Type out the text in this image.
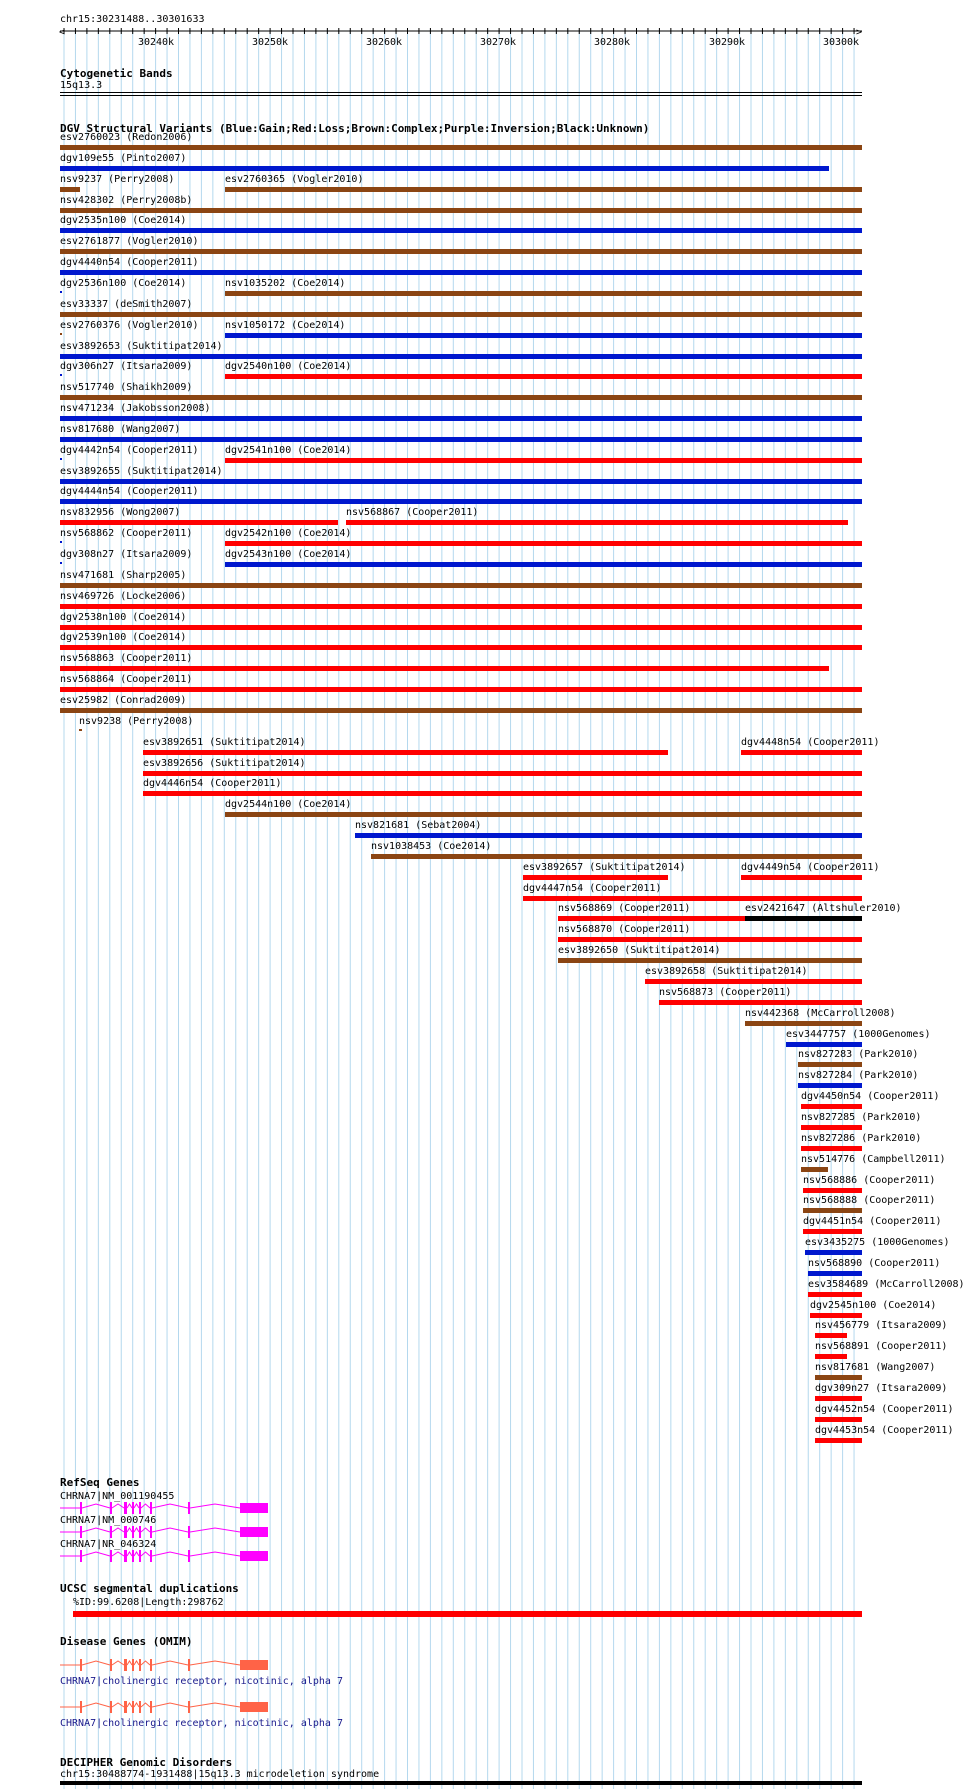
chr15:30231488..30301633
<	>
30240k	30250k	30260k	30270k	30280k	30290k	30300k
Cytogenetic Bands
15q13.3
DGV Structural Variants (Blue:Gain;Red:Loss;Brown:Complex;Purple:Inversion;Black:Unknown)
RefSeq Genes
UCSC segmental duplications
%ID:99.6208|Length:298762
Disease Genes (OMIM)
DECIPHER Genomic Disorders
chr15:30488774-1931488|15q13.3 microdeletion syndrome
esv2760023 (Redon2006)
dgv109e55 (Pinto2007)
nsv9237 (Perry2008)	esv2760365 (Vogler2010)
nsv428302 (Perry2008b)
dgv2535n100 (Coe2014)
esv2761877 (Vogler2010)
dgv4440n54 (Cooper2011)
dgv2536n100 (Coe2014)	nsv1035202 (Coe2014)
esv33337 (deSmith2007)
esv2760376 (Vogler2010)	nsv1050172 (Coe2014)
esv3892653 (Suktitipat2014)
dgv306n27 (Itsara2009)	dgv2540n100 (Coe2014)
nsv517740 (Shaikh2009)
nsv471234 (Jakobsson2008)
nsv817680 (Wang2007)
dgv4442n54 (Cooper2011)	dgv2541n100 (Coe2014)
esv3892655 (Suktitipat2014)
dgv4444n54 (Cooper2011)
nsv832956 (Wong2007)	nsv568867 (Cooper2011)
nsv568862 (Cooper2011)	dgv2542n100 (Coe2014)
dgv308n27 (Itsara2009)	dgv2543n100 (Coe2014)
nsv471681 (Sharp2005)
nsv469726 (Locke2006)
dgv2538n100 (Coe2014)
dgv2539n100 (Coe2014)
nsv568863 (Cooper2011)
nsv568864 (Cooper2011)
esv25982 (Conrad2009)
nsv9238 (Perry2008)
esv3892651 (Suktitipat2014)	dgv4448n54 (Cooper2011)
esv3892656 (Suktitipat2014)
dgv4446n54 (Cooper2011)
dgv2544n100 (Coe2014)
nsv821681 (Sebat2004)
nsv1038453 (Coe2014)
esv3892657 (Suktitipat2014)	dgv4449n54 (Cooper2011)
dgv4447n54 (Cooper2011)
nsv568869 (Cooper2011)	esv2421647 (Altshuler2010)
nsv568870 (Cooper2011)
esv3892650 (Suktitipat2014)
esv3892658 (Suktitipat2014)
nsv568873 (Cooper2011)
nsv442368 (McCarroll2008)
esv3447757 (1000Genomes)
nsv827283 (Park2010)
nsv827284 (Park2010)
dgv4450n54 (Cooper2011)
nsv827285 (Park2010)
nsv827286 (Park2010)
nsv514776 (Campbell2011)
nsv568886 (Cooper2011)
nsv568888 (Cooper2011)
dgv4451n54 (Cooper2011)
esv3435275 (1000Genomes)
nsv568890 (Cooper2011)
esv3584689 (McCarroll2008)
dgv2545n100 (Coe2014)
nsv456779 (Itsara2009)
nsv568891 (Cooper2011)
nsv817681 (Wang2007)
dgv309n27 (Itsara2009)
dgv4452n54 (Cooper2011)
dgv4453n54 (Cooper2011)
CHRNA7|NM_001190455
CHRNA7|NM_000746
CHRNA7|NR_046324
CHRNA7|cholinergic receptor, nicotinic, alpha 7
CHRNA7|cholinergic receptor, nicotinic, alpha 7
